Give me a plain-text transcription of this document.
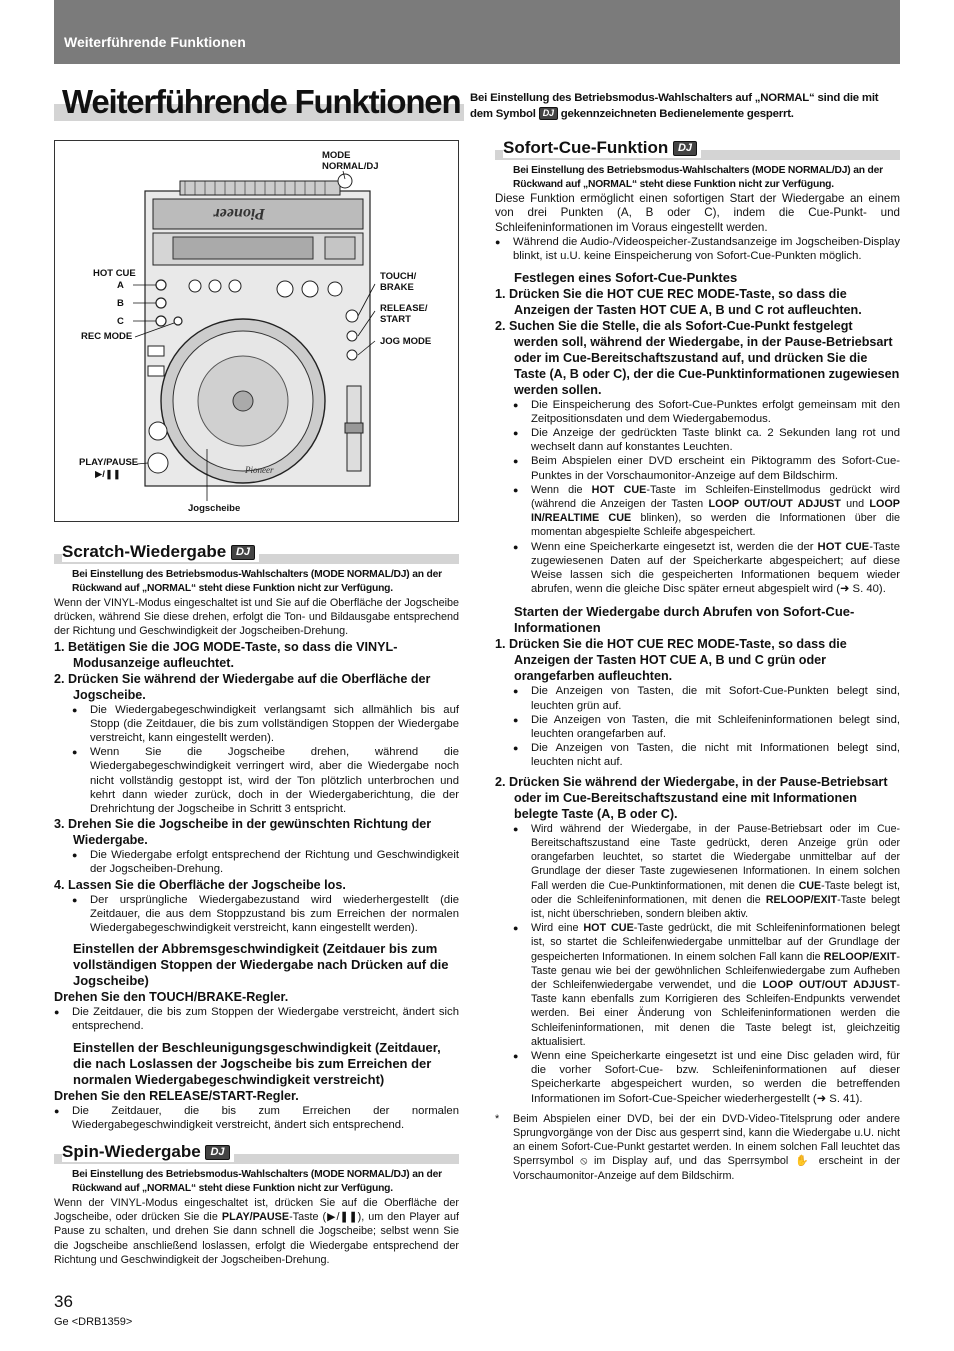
Weiterführende Funktionen
Weiterführende Funktionen Bei Einstellung des Betriebsmodus-Wahlschalters auf „NORMAL“ sind die mit dem Symbol DJ gekennzeichneten Bedienelemente gesperrt.
Pioneer
Pioneer
MODE
NORMAL/DJ
HOT CUE
A
B
C
REC MODE
TOUCH/
BRAKE
RELEASE/
START
JOG MODE
PLAY/PAUSE
▶/❚❚
Jogscheibe
Scratch-Wiedergabe DJ
Bei Einstellung des Betriebsmodus-Wahlschalters (MODE NORMAL/DJ) an der Rückwand auf „NORMAL“ steht diese Funktion nicht zur Verfügung.
Wenn der VINYL-Modus eingeschaltet ist und Sie auf die Oberfläche der Jogscheibe drücken, während Sie diese drehen, erfolgt die Ton- und Bildausgabe entsprechend der Richtung und Geschwindigkeit der Jogscheiben-Drehung.
1. Betätigen Sie die JOG MODE-Taste, so dass die VINYL-Modusanzeige aufleuchtet.
2. Drücken Sie während der Wiedergabe auf die Oberfläche der Jogscheibe.
● Die Wiedergabegeschwindigkeit verlangsamt sich allmählich bis auf Stopp (die Zeitdauer, die bis zum vollständigen Stoppen der Wiedergabe verstreicht, kann eingestellt werden).
● Wenn Sie die Jogscheibe drehen, während die Wiedergabegeschwindigkeit verringert wird, aber die Wiedergabe noch nicht vollständig gestoppt ist, wird der Ton plötzlich unterbrochen und kehrt dann wieder zurück, doch in der Wiedergaberichtung, die der Drehrichtung der Jogscheibe in Schritt 3 entspricht.
3. Drehen Sie die Jogscheibe in der gewünschten Richtung der Wiedergabe.
● Die Wiedergabe erfolgt entsprechend der Richtung und Geschwindigkeit der Jogscheiben-Drehung.
4. Lassen Sie die Oberfläche der Jogscheibe los.
● Der ursprüngliche Wiedergabezustand wird wiederhergestellt (die Zeitdauer, die aus dem Stoppzustand bis zum Erreichen der normalen Wiedergabegeschwindigkeit verstreicht, kann eingestellt werden).
Einstellen der Abbremsgeschwindigkeit (Zeitdauer bis zum vollständigen Stoppen der Wiedergabe nach Drücken auf die Jogscheibe)
Drehen Sie den TOUCH/BRAKE-Regler.
● Die Zeitdauer, die bis zum Stoppen der Wiedergabe verstreicht, ändert sich entsprechend.
Einstellen der Beschleunigungsgeschwindigkeit (Zeitdauer, die nach Loslassen der Jogscheibe bis zum Erreichen der normalen Wiedergabegeschwindigkeit verstreicht)
Drehen Sie den RELEASE/START-Regler.
● Die Zeitdauer, die bis zum Erreichen der normalen Wiedergabegeschwindigkeit verstreicht, ändert sich entsprechend.
Spin-Wiedergabe DJ
Bei Einstellung des Betriebsmodus-Wahlschalters (MODE NORMAL/DJ) an der Rückwand auf „NORMAL“ steht diese Funktion nicht zur Verfügung.
Wenn der VINYL-Modus eingeschaltet ist, drücken Sie auf die Oberfläche der Jogscheibe, oder drücken Sie die PLAY/PAUSE-Taste (▶/❚❚), um den Player auf Pause zu schalten, und drehen Sie dann schnell die Jogscheibe; selbst wenn Sie die Jogscheibe anschließend loslassen, erfolgt die Wiedergabe entsprechend der Richtung und Geschwindigkeit der Jogscheiben-Drehung.
Sofort-Cue-Funktion DJ
Bei Einstellung des Betriebsmodus-Wahlschalters (MODE NORMAL/DJ) an der Rückwand auf „NORMAL“ steht diese Funktion nicht zur Verfügung.
Diese Funktion ermöglicht einen sofortigen Start der Wiedergabe an einem von drei Punkten (A, B oder C), indem die Cue-Punkt- und Schleifeninformationen im Voraus eingestellt werden.
● Während die Audio-/Videospeicher-Zustandsanzeige im Jogscheiben-Display blinkt, ist u.U. keine Einspeicherung von Sofort-Cue-Punkten möglich.
Festlegen eines Sofort-Cue-Punktes
1. Drücken Sie die HOT CUE REC MODE-Taste, so dass die Anzeigen der Tasten HOT CUE A, B und C rot aufleuchten.
2. Suchen Sie die Stelle, die als Sofort-Cue-Punkt festgelegt werden soll, während der Wiedergabe, in der Pause-Betriebsart oder im Cue-Bereitschaftszustand auf, und drücken Sie die Taste (A, B oder C), der die Cue-Punktinformationen zugewiesen werden sollen.
● Die Einspeicherung des Sofort-Cue-Punktes erfolgt gemeinsam mit den Zeitpositionsdaten und dem Wiedergabemodus.
● Die Anzeige der gedrückten Taste blinkt ca. 2 Sekunden lang rot und wechselt dann auf konstantes Leuchten.
● Beim Abspielen einer DVD erscheint ein Piktogramm des Sofort-Cue-Punktes in der Vorschaumonitor-Anzeige auf dem Bildschirm.
● Wenn die HOT CUE-Taste im Schleifen-Einstellmodus gedrückt wird (während die Anzeigen der Tasten LOOP OUT/OUT ADJUST und LOOP IN/REALTIME CUE blinken), so werden die Informationen über die momentan abgespielte Schleife abgespeichert.
● Wenn eine Speicherkarte eingesetzt ist, werden die der HOT CUE-Taste zugewiesenen Daten auf der Speicherkarte abgespeichert; auf diese Weise lassen sich die gespeicherten Informationen bequem wieder abrufen, wenn die gleiche Disc später erneut abgespielt wird (➜ S. 40).
Starten der Wiedergabe durch Abrufen von Sofort-Cue-Informationen
1. Drücken Sie die HOT CUE REC MODE-Taste, so dass die Anzeigen der Tasten HOT CUE A, B und C grün oder orangefarben aufleuchten.
● Die Anzeigen von Tasten, die mit Sofort-Cue-Punkten belegt sind, leuchten grün auf.
● Die Anzeigen von Tasten, die mit Schleifeninformationen belegt sind, leuchten orangefarben auf.
● Die Anzeigen von Tasten, die nicht mit Informationen belegt sind, leuchten nicht auf.
2. Drücken Sie während der Wiedergabe, in der Pause-Betriebsart oder im Cue-Bereitschaftszustand eine mit Informationen belegte Taste (A, B oder C).
● Wird während der Wiedergabe, in der Pause-Betriebsart oder im Cue-Bereitschaftszustand eine Taste gedrückt, deren Anzeige grün oder orangefarben leuchtet, so startet die Wiedergabe unmittelbar auf der Grundlage der dieser Taste zugewiesenen Informationen. In einem solchen Fall werden die Cue-Punktinformationen, mit denen die CUE-Taste belegt ist, oder die Schleifeninformationen, mit denen die RELOOP/EXIT-Taste belegt ist, nicht überschrieben, sondern bleiben aktiv.
● Wird eine HOT CUE-Taste gedrückt, die mit Schleifeninformationen belegt ist, so startet die Schleifenwiedergabe unmittelbar auf der Grundlage der gespeicherten Informationen. In einem solchen Fall kann die RELOOP/EXIT-Taste genau wie bei der gewöhnlichen Schleifenwiedergabe zum Aufheben der Schleifenwiedergabe verwendet, und die LOOP OUT/OUT ADJUST-Taste kann ebenfalls zum Korrigieren des Schleifen-Endpunkts verwendet werden. Bei einer Änderung von Schleifeninformationen werden die Schleifeninformationen, mit denen die Taste belegt ist, gleichzeitig aktualisiert.
● Wenn eine Speicherkarte eingesetzt ist und eine Disc geladen wird, für die vorher Sofort-Cue- bzw. Schleifeninformationen auf dieser Speicherkarte abgespeichert wurden, so werden die betreffenden Informationen im Sofort-Cue-Speicher wiederhergestellt (➜ S. 41).
* Beim Abspielen einer DVD, bei der ein DVD-Video-Titelsprung oder andere Sprungvorgänge von der Disc aus gesperrt sind, kann die Wiedergabe u.U. nicht an einem Sofort-Cue-Punkt gestartet werden. In einem solchen Fall leuchtet das Sperrsymbol ⦸ im Display auf, und das Sperrsymbol ✋ erscheint in der Vorschaumonitor-Anzeige auf dem Bildschirm.
36
Ge <DRB1359>
